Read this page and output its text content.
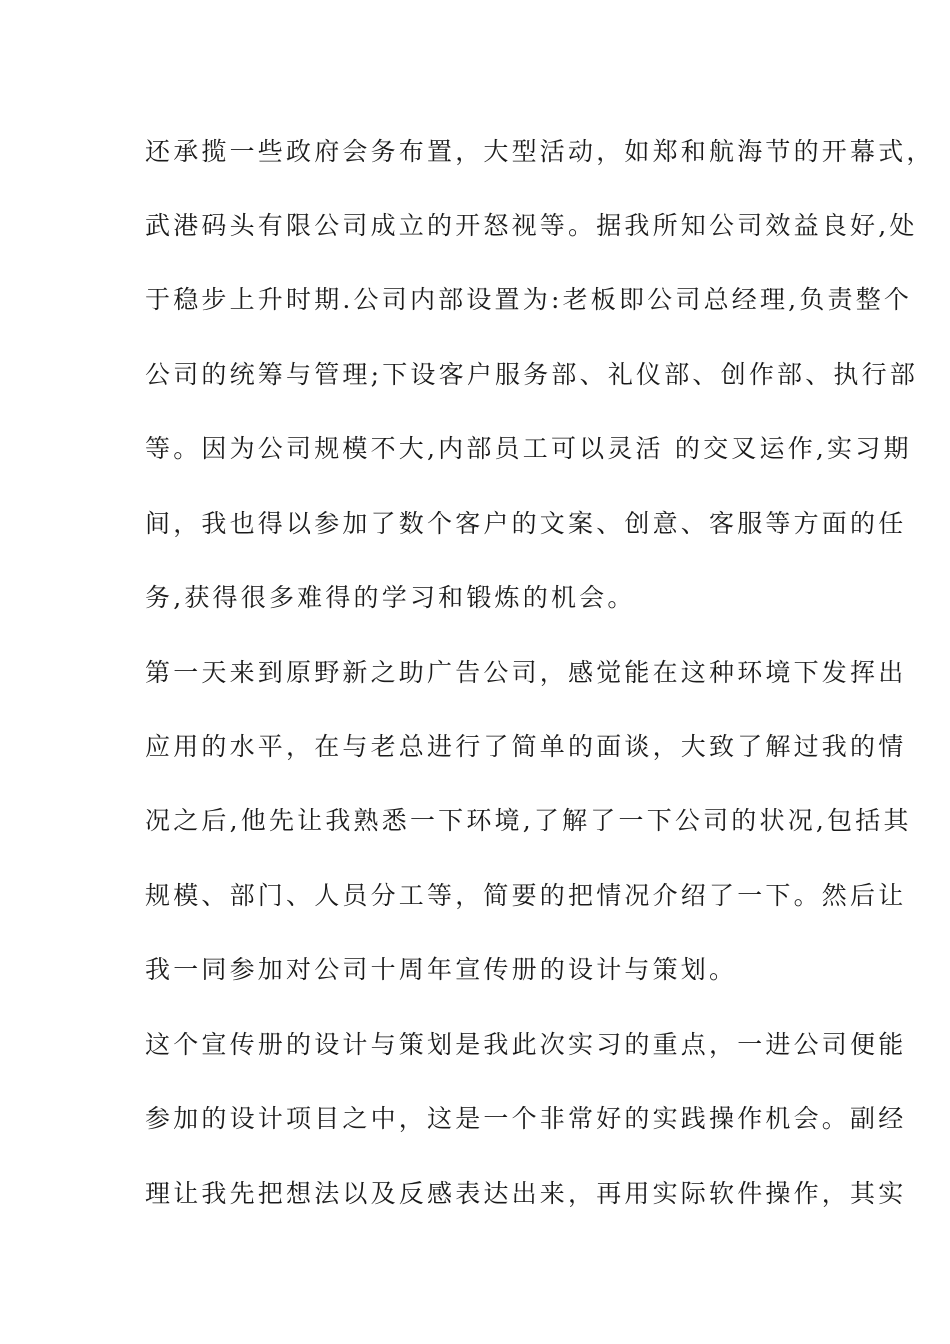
还承揽一些政府会务布置，大型活动，如郑和航海节的开幕式，
武港码头有限公司成立的开怒视等。据我所知公司效益良好,处
于稳步上升时期.公司内部设置为:老板即公司总经理,负责整个
公司的统筹与管理;下设客户服务部、礼仪部、创作部、执行部
等。因为公司规模不大,内部员工可以灵活 的交叉运作,实习期
间，我也得以参加了数个客户的文案、创意、客服等方面的任
务,获得很多难得的学习和锻炼的机会。
第一天来到原野新之助广告公司，感觉能在这种环境下发挥出
应用的水平，在与老总进行了简单的面谈，大致了解过我的情
况之后,他先让我熟悉一下环境,了解了一下公司的状况,包括其
规模、部门、人员分工等，简要的把情况介绍了一下。然后让
我一同参加对公司十周年宣传册的设计与策划。
这个宣传册的设计与策划是我此次实习的重点，一进公司便能
参加的设计项目之中，这是一个非常好的实践操作机会。副经
理让我先把想法以及反感表达出来，再用实际软件操作，其实
